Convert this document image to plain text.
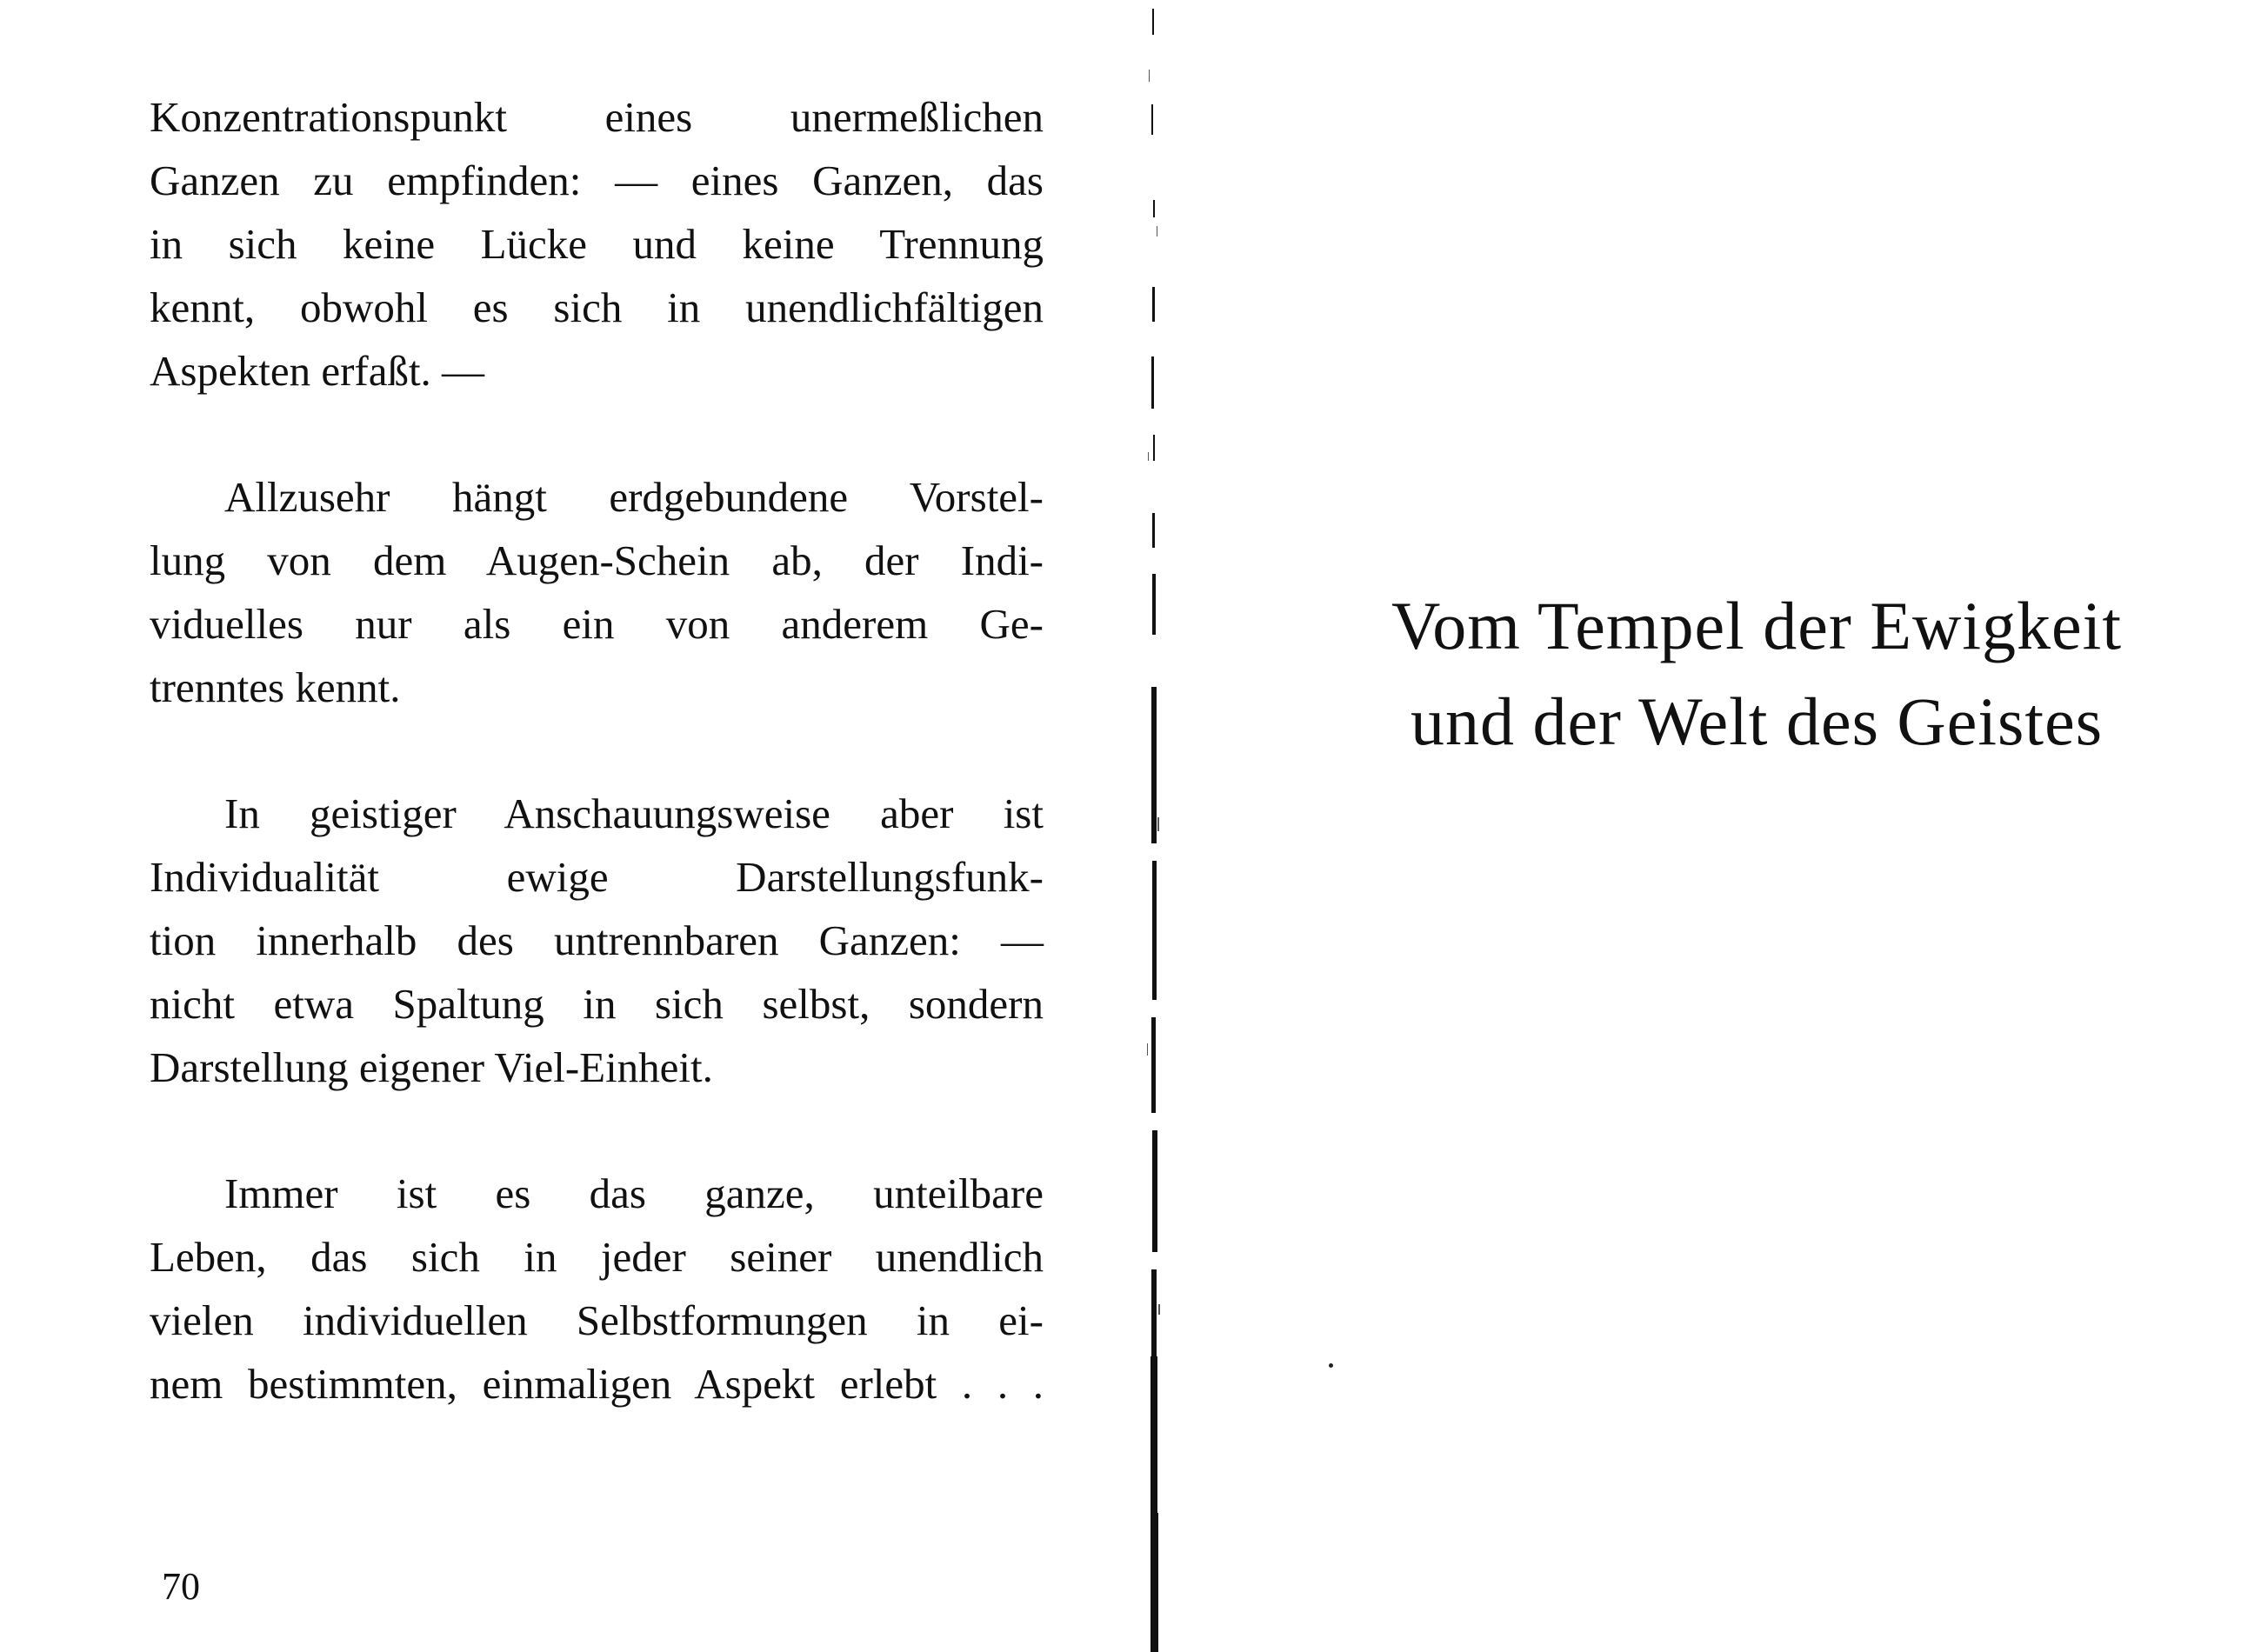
Konzentrationspunkt eines unermeßlichen
Ganzen zu empfinden: — eines Ganzen, das
in sich keine Lücke und keine Trennung
kennt, obwohl es sich in unendlichfältigen
Aspekten erfaßt. —

Allzusehr hängt erdgebundene Vorstel-
lung von dem Augen-Schein ab, der Indi-
viduelles nur als ein von anderem Ge-
trenntes kennt.

In geistiger Anschauungsweise aber ist
Individualität ewige Darstellungsfunk-
tion innerhalb des untrennbaren Ganzen: —
nicht etwa Spaltung in sich selbst, sondern
Darstellung eigener Viel-Einheit.

Immer ist es das ganze, unteilbare
Leben, das sich in jeder seiner unendlich
vielen individuellen Selbstformungen in ei-
nem bestimmten, einmaligen Aspekt erlebt . . .

70
Vom Tempel der Ewigkeit
und der Welt des Geistes
